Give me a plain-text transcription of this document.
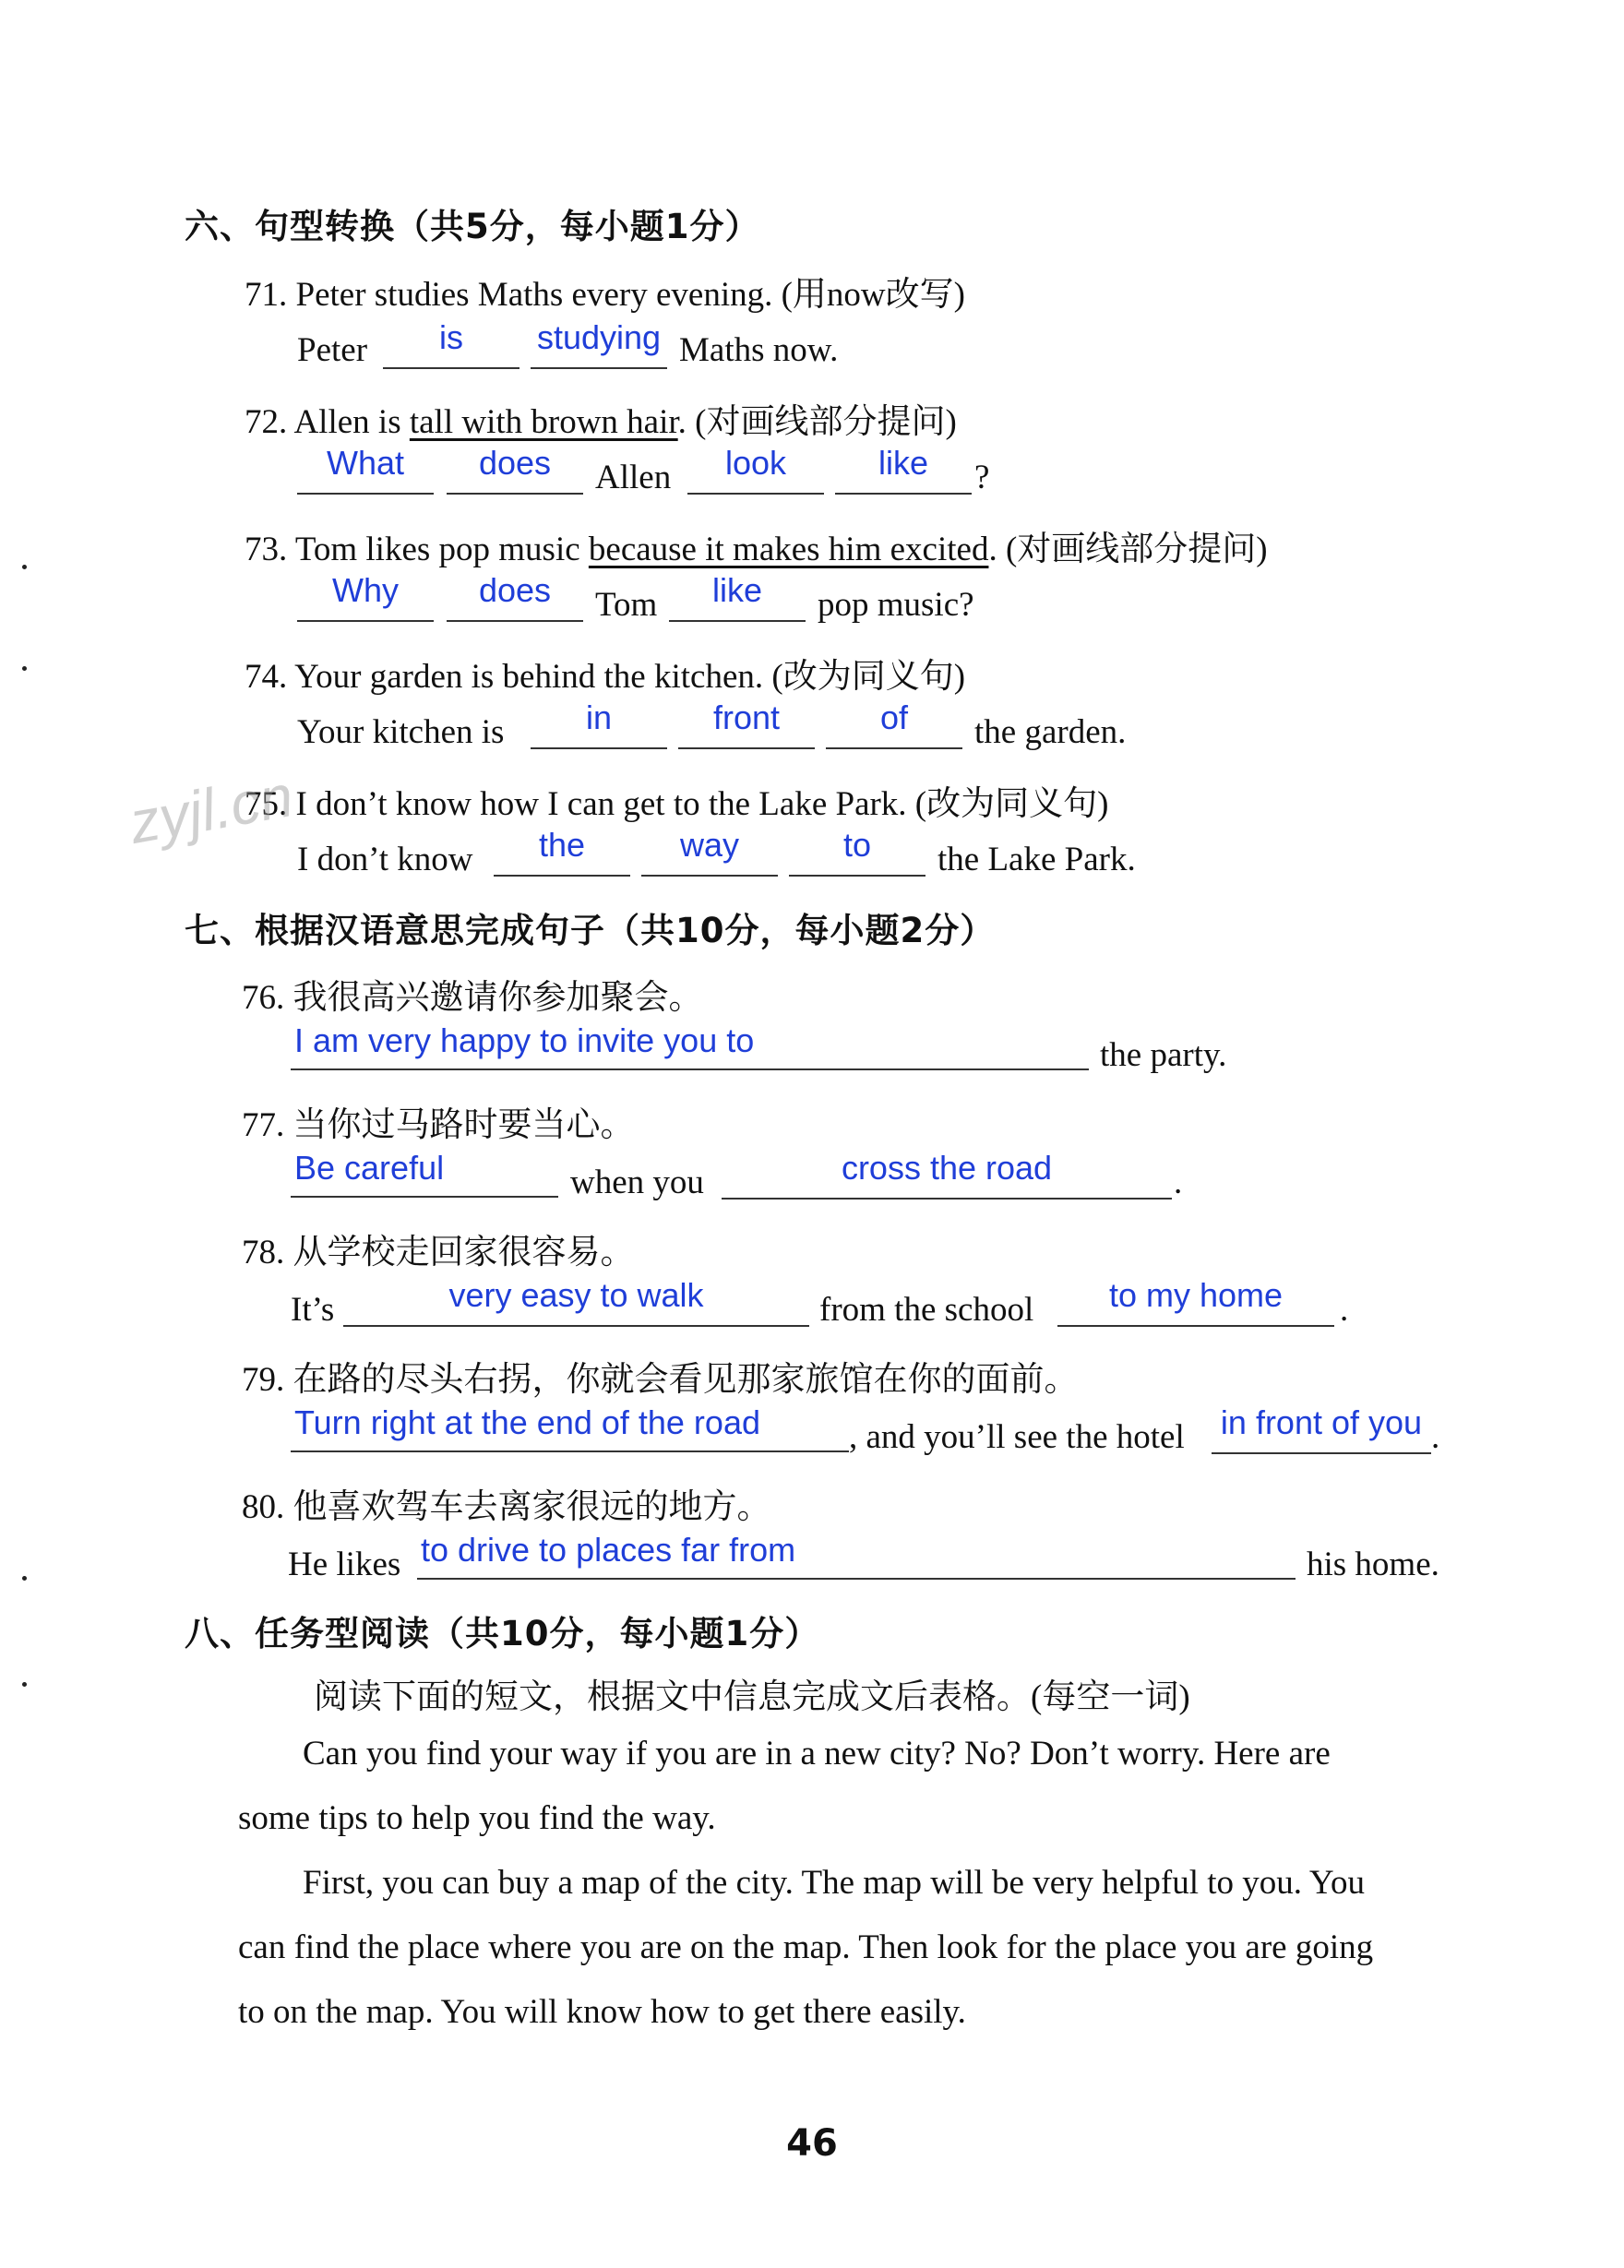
六、句型转换（共5分，每小题1分）
71. Peter studies Maths every evening. (用now改写)
Peter	is	studying Maths now.
72. Allen is tall with brown hair. (对画线部分提问)
What	does	Allen	look	like	?
73. Tom likes pop music because it makes him excited. (对画线部分提问)
Why	does	Tom	like	pop music?
74. Your garden is behind the kitchen. (改为同义句)
Your kitchen is	in	front	of	the garden.
75. I don’t know how I can get to the Lake Park. (改为同义句)
zyjl.cn
I don’t know	the	way	to	the Lake Park.
七、根据汉语意思完成句子（共10分，每小题2分）
76. 我很高兴邀请你参加聚会。
I am very happy to invite you to	the party.
77. 当你过马路时要当心。
Be careful	when you	cross the road	.
78. 从学校走回家很容易。
It’s	very easy to walk	from the school	to my home	.
79. 在路的尽头右拐，你就会看见那家旅馆在你的面前。
Turn right at the end of the road	, and you’ll see the hotel in front of you .
80. 他喜欢驾车去离家很远的地方。
He likes to drive to places far from	his home.
八、任务型阅读（共10分，每小题1分）
阅读下面的短文，根据文中信息完成文后表格。(每空一词)
Can you find your way if you are in a new city? No? Don’t worry. Here are
some tips to help you find the way.
First, you can buy a map of the city. The map will be very helpful to you. You
can find the place where you are on the map. Then look for the place you are going
to on the map. You will know how to get there easily.
46
